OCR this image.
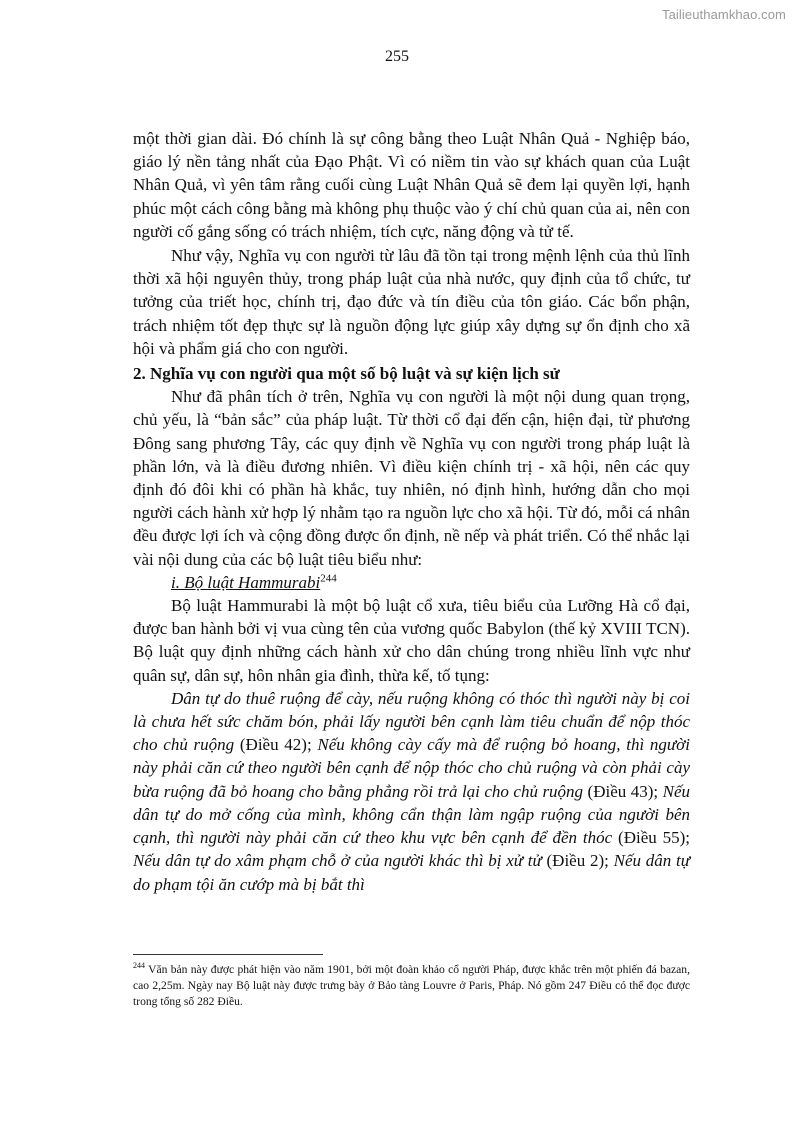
Tailieuthamkhao.com
255

một thời gian dài. Đó chính là sự công bằng theo Luật Nhân Quả - Nghiệp báo, giáo lý nền tảng nhất của Đạo Phật. Vì có niềm tin vào sự khách quan của Luật Nhân Quả, vì yên tâm rằng cuối cùng Luật Nhân Quả sẽ đem lại quyền lợi, hạnh phúc một cách công bằng mà không phụ thuộc vào ý chí chủ quan của ai, nên con người cố gắng sống có trách nhiệm, tích cực, năng động và tử tế.

Như vậy, Nghĩa vụ con người từ lâu đã tồn tại trong mệnh lệnh của thủ lĩnh thời xã hội nguyên thủy, trong pháp luật của nhà nước, quy định của tổ chức, tư tưởng của triết học, chính trị, đạo đức và tín điều của tôn giáo. Các bổn phận, trách nhiệm tốt đẹp thực sự là nguồn động lực giúp xây dựng sự ổn định cho xã hội và phẩm giá cho con người.

2. Nghĩa vụ con người qua một số bộ luật và sự kiện lịch sử

Như đã phân tích ở trên, Nghĩa vụ con người là một nội dung quan trọng, chủ yếu, là “bản sắc” của pháp luật. Từ thời cổ đại đến cận, hiện đại, từ phương Đông sang phương Tây, các quy định về Nghĩa vụ con người trong pháp luật là phần lớn, và là điều đương nhiên. Vì điều kiện chính trị - xã hội, nên các quy định đó đôi khi có phần hà khắc, tuy nhiên, nó định hình, hướng dẫn cho mọi người cách hành xử hợp lý nhằm tạo ra nguồn lực cho xã hội. Từ đó, mỗi cá nhân đều được lợi ích và cộng đồng được ổn định, nề nếp và phát triển. Có thể nhắc lại vài nội dung của các bộ luật tiêu biểu như:

i. Bộ luật Hammurabi$^{244}$

Bộ luật Hammurabi là một bộ luật cổ xưa, tiêu biểu của Lưỡng Hà cổ đại, được ban hành bởi vị vua cùng tên của vương quốc Babylon (thế kỷ XVIII TCN). Bộ luật quy định những cách hành xử cho dân chúng trong nhiều lĩnh vực như quân sự, dân sự, hôn nhân gia đình, thừa kế, tố tụng:

Dân tự do thuê ruộng để cày, nếu ruộng không có thóc thì người này bị coi là chưa hết sức chăm bón, phải lấy người bên cạnh làm tiêu chuẩn để nộp thóc cho chủ ruộng (Điều 42); Nếu không cày cấy mà để ruộng bỏ hoang, thì người này phải căn cứ theo người bên cạnh để nộp thóc cho chủ ruộng và còn phải cày bừa ruộng đã bỏ hoang cho bằng phẳng rồi trả lại cho chủ ruộng (Điều 43); Nếu dân tự do mở cống của mình, không cẩn thận làm ngập ruộng của người bên cạnh, thì người này phải căn cứ theo khu vực bên cạnh để đền thóc (Điều 55); Nếu dân tự do xâm phạm chỗ ở của người khác thì bị xử tử (Điều 2); Nếu dân tự do phạm tội ăn cướp mà bị bắt thì

$^{244}$ Văn bản này được phát hiện vào năm 1901, bởi một đoàn khảo cổ người Pháp, được khắc trên một phiến đá bazan, cao 2,25m. Ngày nay Bộ luật này được trưng bày ở Bảo tàng Louvre ở Paris, Pháp. Nó gồm 247 Điều có thể đọc được trong tổng số 282 Điều.
